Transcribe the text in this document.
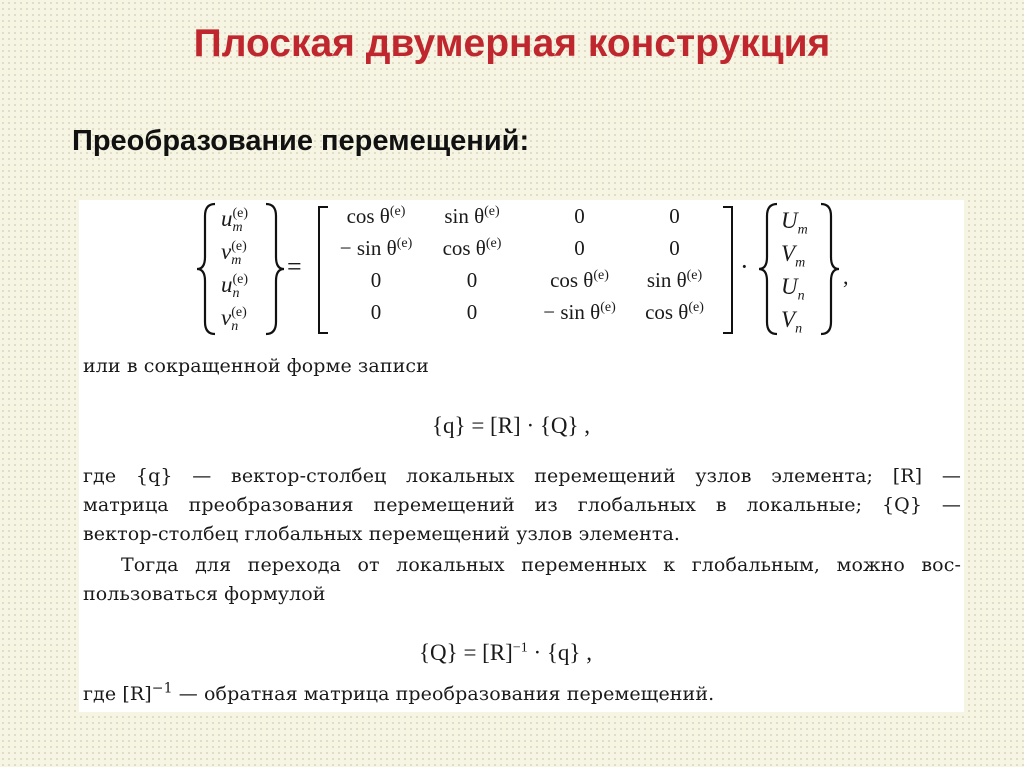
Плоская двумерная конструкция
Преобразование перемещений:
u (e)
m
v (e)
m
u (e)
n
v (e)
n
=
$\cos \theta^{(e)}$	$\sin \theta^{(e)}$	0	0
− $\sin \theta^{(e)}$	$\cos \theta^{(e)}$	0	0
0	0	$\cos \theta^{(e)}$	$\sin \theta^{(e)}$
0	0	− $\sin \theta^{(e)}$	$\cos \theta^{(e)}$
·
$U_m$
$V_m$
$U_n$
$V_n$
,
или в сокращенной форме записи
{q} = [R] · {Q} ,
где {q} — вектор-столбец локальных перемещений узлов элемента; [R] —
матрица преобразования перемещений из глобальных в локальные; {Q} —
вектор-столбец глобальных перемещений узлов элемента.
Тогда для перехода от локальных переменных к глобальным, можно вос-
пользоваться формулой
$\{Q\} = [R]^{-1} \cdot \{q\}$ ,
где $[R]^{-1}$ — обратная матрица преобразования перемещений.
